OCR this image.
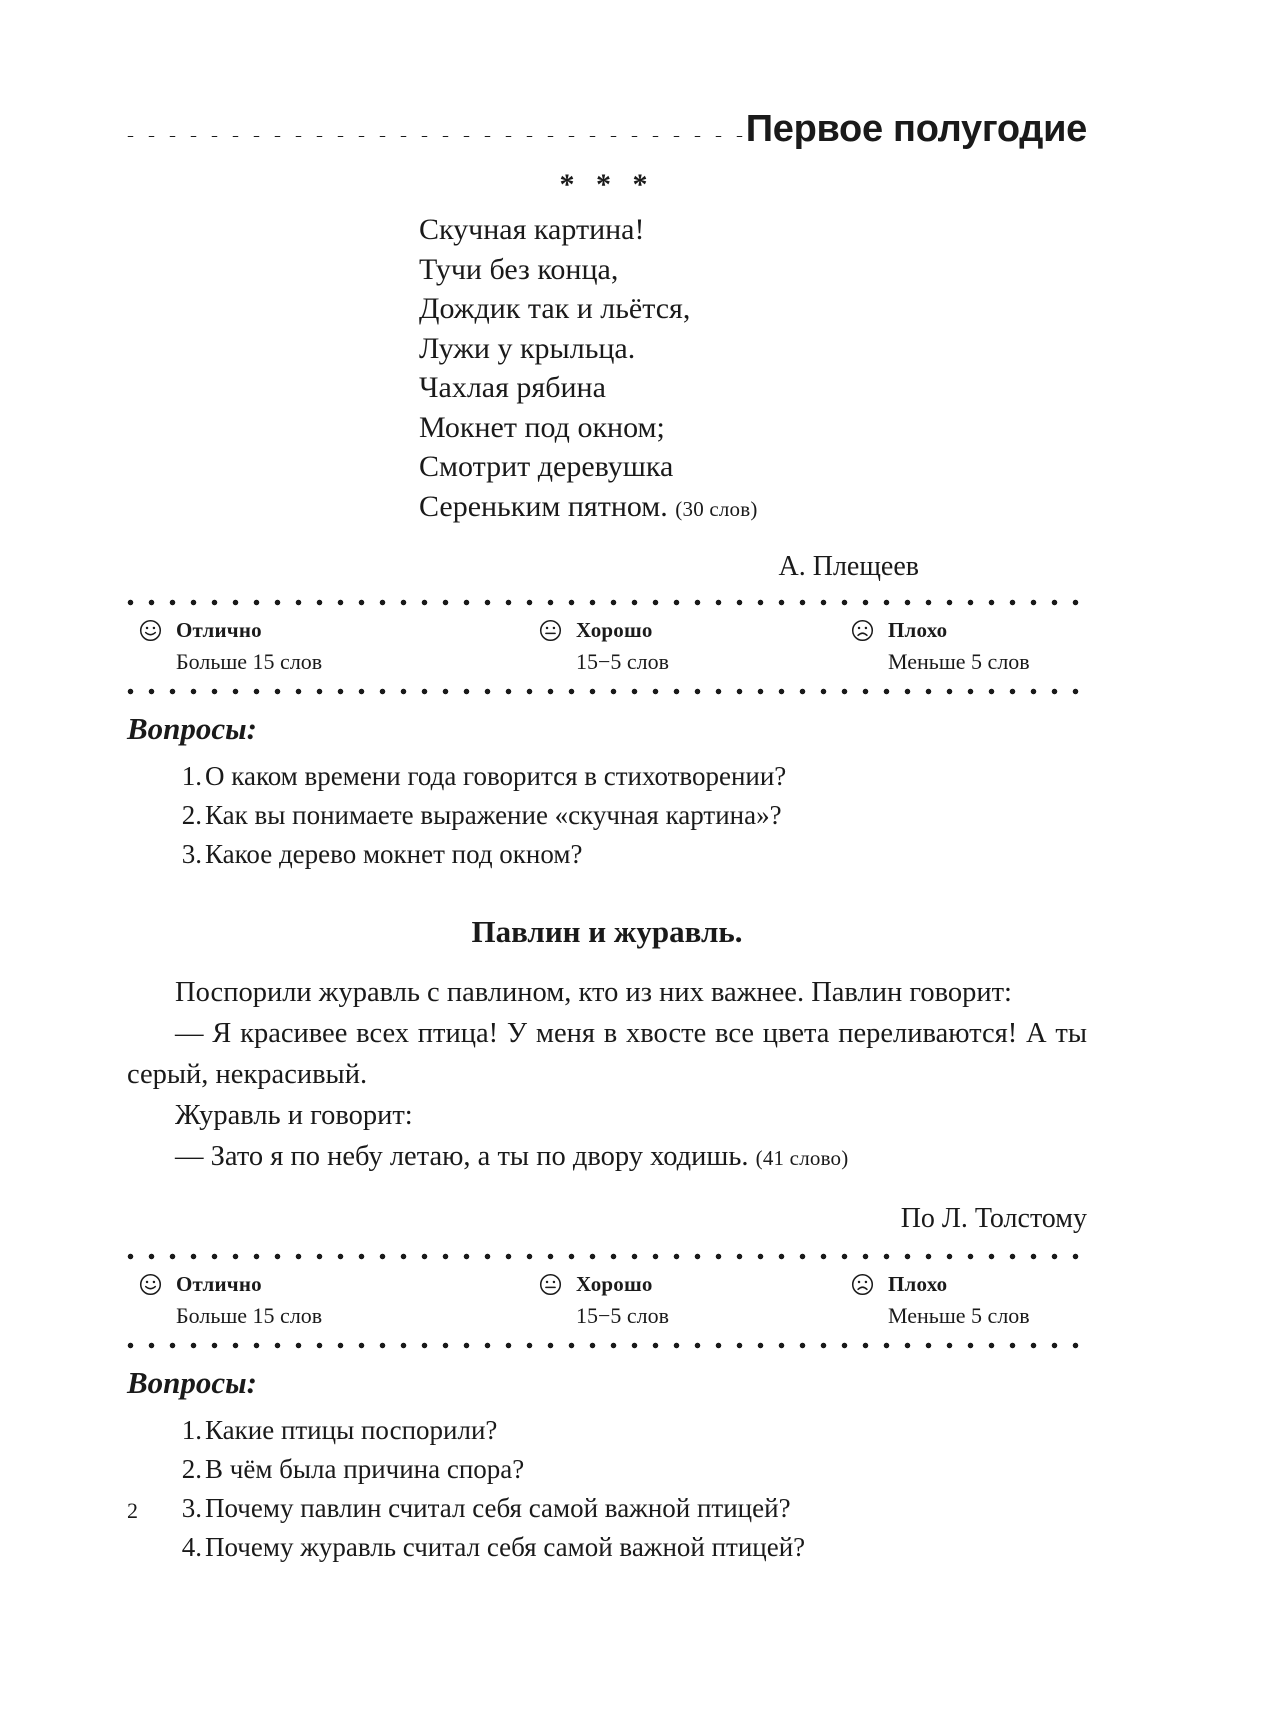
Первое полугодие
* * *
Скучная картина!
Тучи без конца,
Дождик так и льётся,
Лужи у крыльца.
Чахлая рябина
Мокнет под окном;
Смотрит деревушка
Сереньким пятном. (30 слов)
А. Плещеев
Отлично
Больше 15 слов
Хорошо
15−5 слов
Плохо
Меньше 5 слов
Вопросы:
1. О каком времени года говорится в стихотворении?
2. Как вы понимаете выражение «скучная картина»?
3. Какое дерево мокнет под окном?
Павлин и журавль.

Поспорили журавль с павлином, кто из них важнее. Павлин говорит:

— Я красивее всех птица! У меня в хвосте все цвета переливаются! А ты серый, некрасивый.

Журавль и говорит:

— Зато я по небу летаю, а ты по двору ходишь. (41 слово)

По Л. Толстому
Отлично
Больше 15 слов
Хорошо
15−5 слов
Плохо
Меньше 5 слов
Вопросы:
1. Какие птицы поспорили?
2. В чём была причина спора?
3. Почему павлин считал себя самой важной птицей?
4. Почему журавль считал себя самой важной птицей?
2
